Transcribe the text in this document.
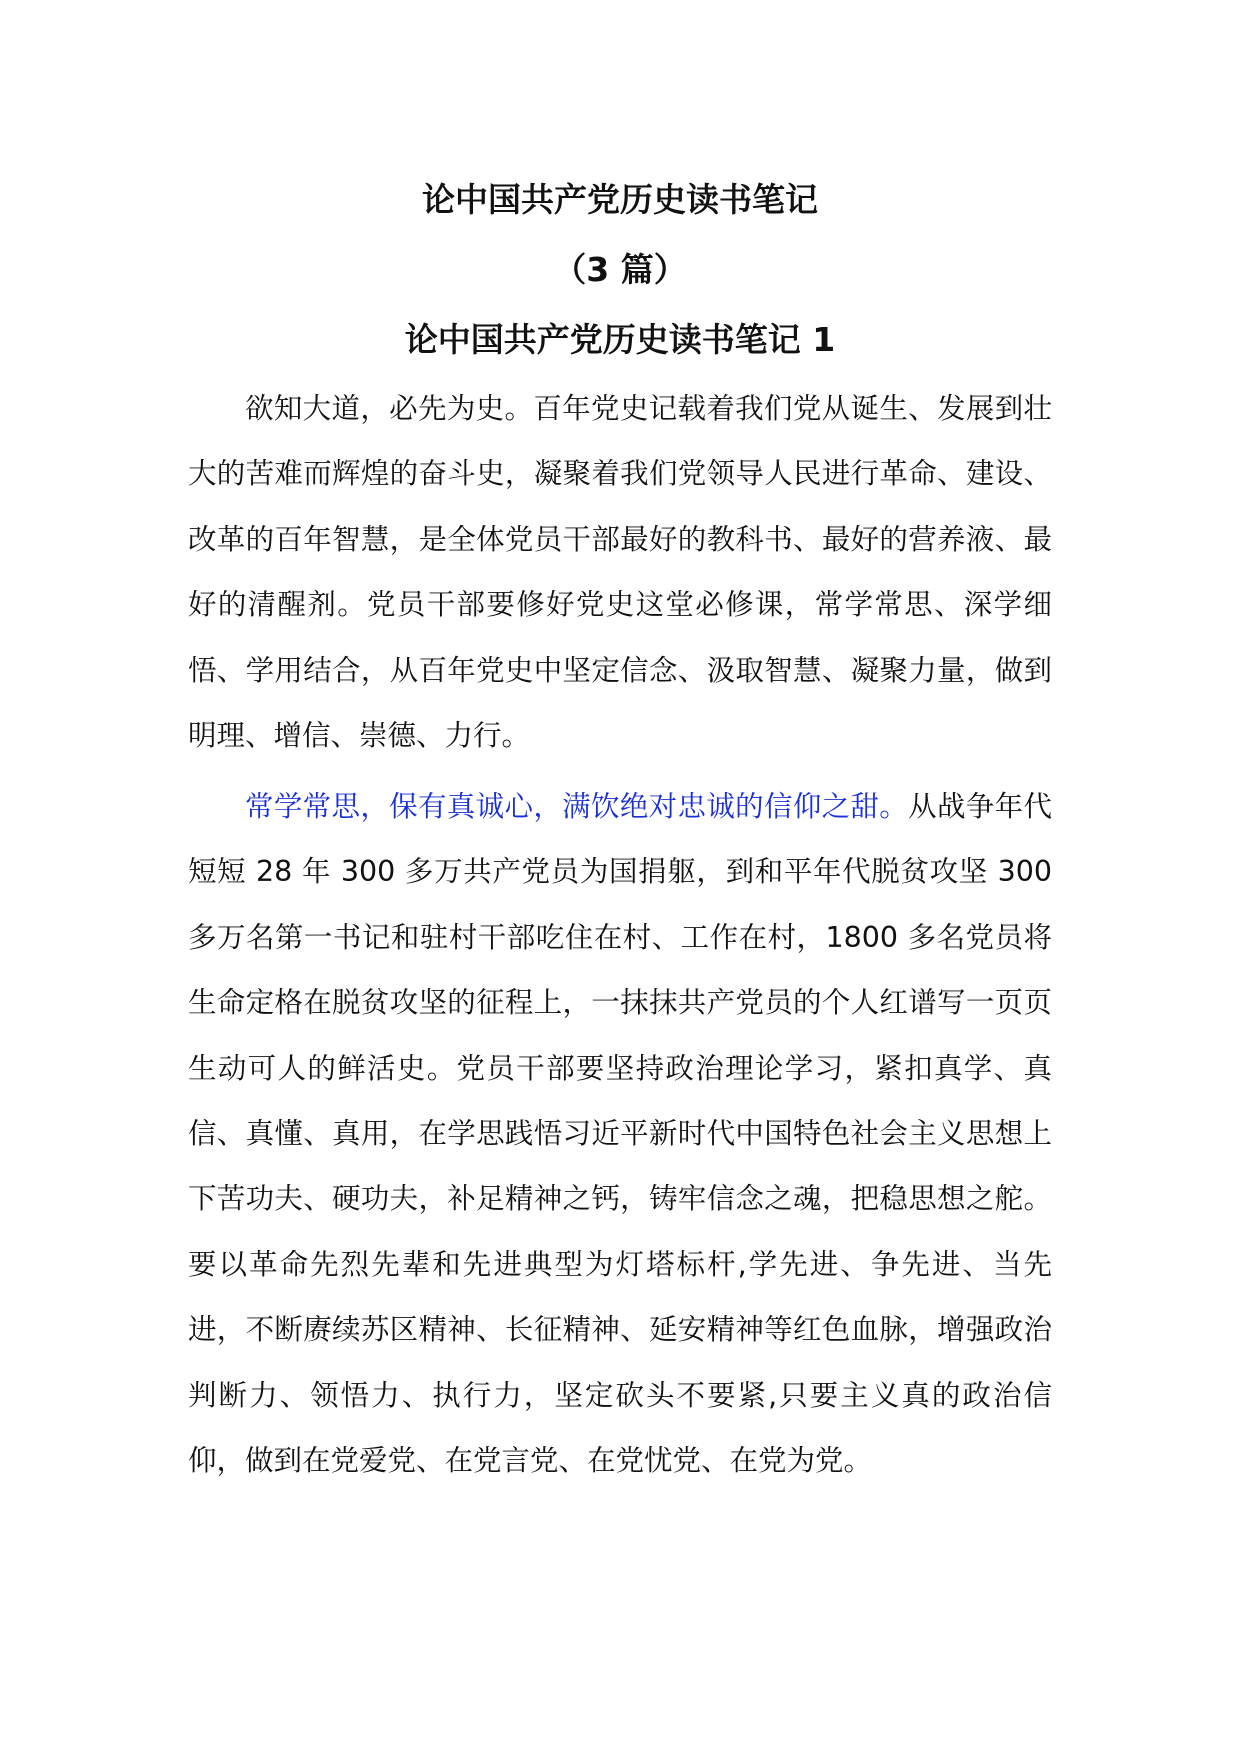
论中国共产党历史读书笔记
（3 篇）
论中国共产党历史读书笔记 1

欲知大道，必先为史。百年党史记载着我们党从诞生、发展到壮大的苦难而辉煌的奋斗史，凝聚着我们党领导人民进行革命、建设、改革的百年智慧，是全体党员干部最好的教科书、最好的营养液、最好的清醒剂。党员干部要修好党史这堂必修课，常学常思、深学细悟、学用结合，从百年党史中坚定信念、汲取智慧、凝聚力量，做到明理、增信、崇德、力行。

常学常思，保有真诚心，满饮绝对忠诚的信仰之甜。从战争年代短短 28 年 300 多万共产党员为国捐躯，到和平年代脱贫攻坚 300 多万名第一书记和驻村干部吃住在村、工作在村，1800 多名党员将生命定格在脱贫攻坚的征程上，一抹抹共产党员的个人红谱写一页页生动可人的鲜活史。党员干部要坚持政治理论学习，紧扣真学、真信、真懂、真用，在学思践悟习近平新时代中国特色社会主义思想上下苦功夫、硬功夫，补足精神之钙，铸牢信念之魂，把稳思想之舵。要以革命先烈先辈和先进典型为灯塔标杆,学先进、争先进、当先进，不断赓续苏区精神、长征精神、延安精神等红色血脉，增强政治判断力、领悟力、执行力，坚定砍头不要紧,只要主义真的政治信仰，做到在党爱党、在党言党、在党忧党、在党为党。
